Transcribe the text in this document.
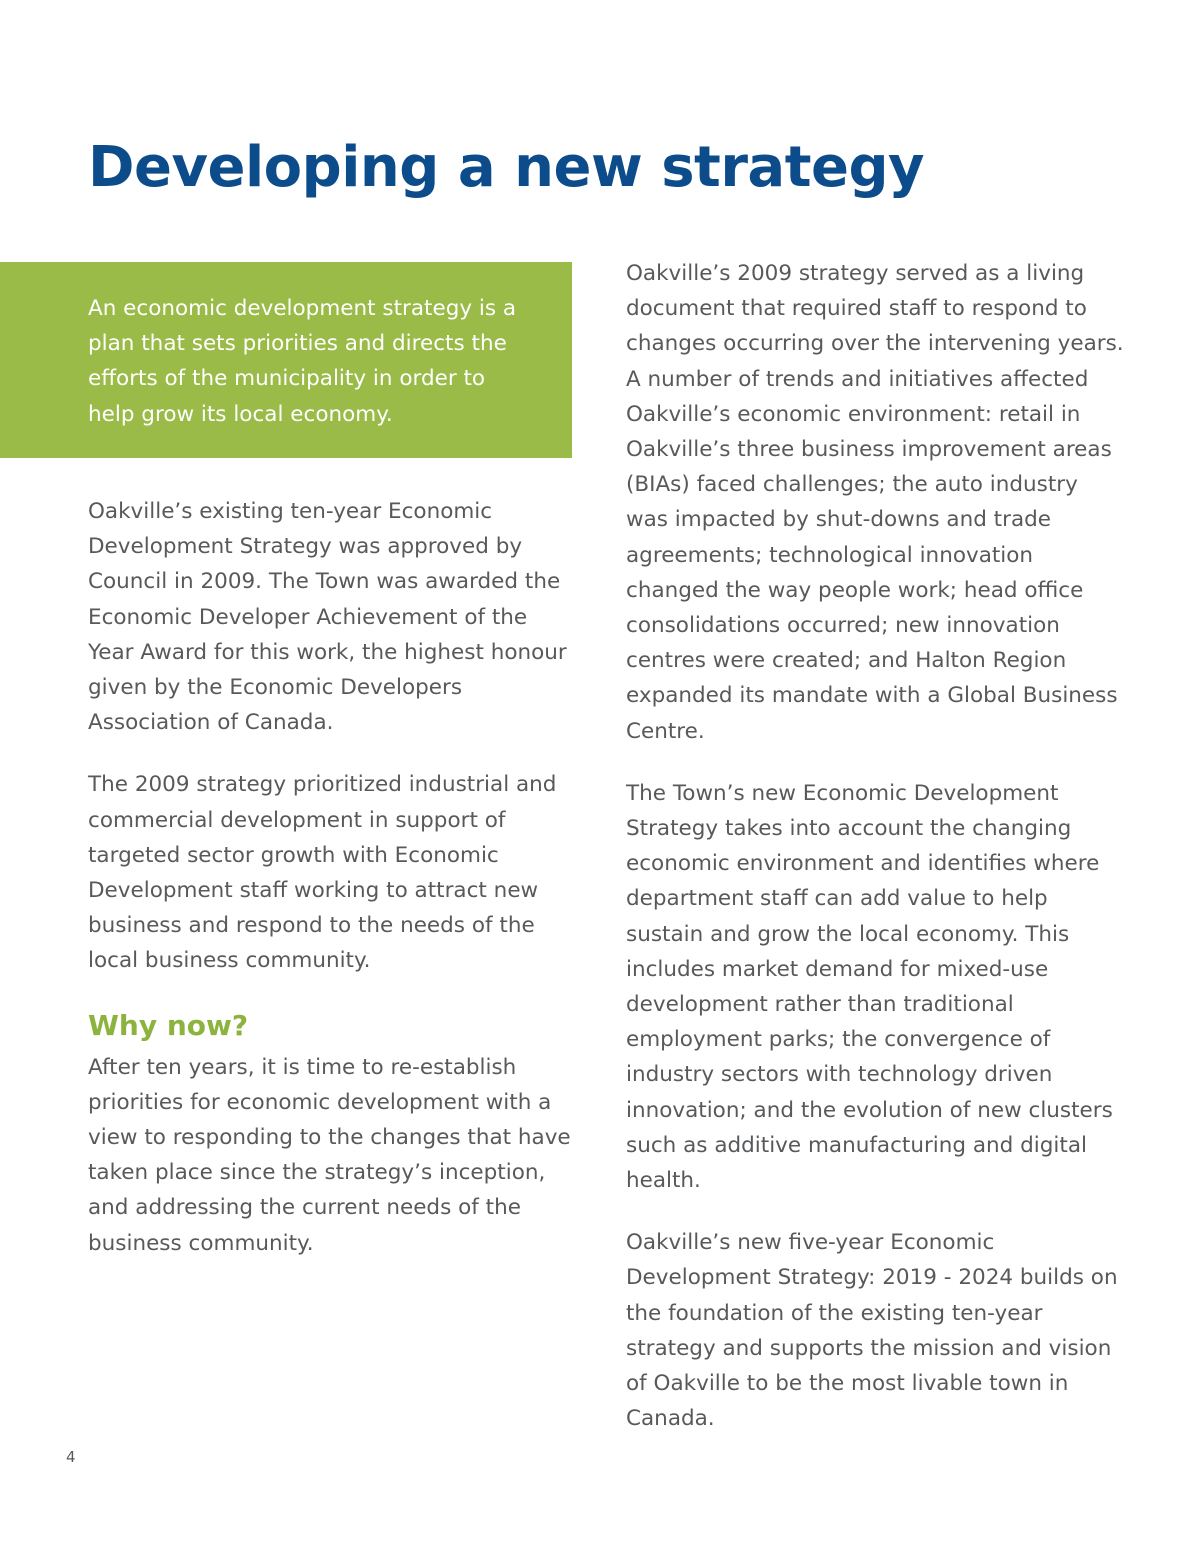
Developing a new strategy

An economic development strategy is a plan that sets priorities and directs the efforts of the municipality in order to help grow its local economy.

Oakville’s existing ten-year Economic Development Strategy was approved by Council in 2009. The Town was awarded the Economic Developer Achievement of the Year Award for this work, the highest honour given by the Economic Developers Association of Canada.

The 2009 strategy prioritized industrial and commercial development in support of targeted sector growth with Economic Development staff working to attract new business and respond to the needs of the local business community.

Why now?

After ten years, it is time to re-establish priorities for economic development with a view to responding to the changes that have taken place since the strategy’s inception, and addressing the current needs of the business community.

Oakville’s 2009 strategy served as a living document that required staff to respond to changes occurring over the intervening years. A number of trends and initiatives affected Oakville’s economic environment: retail in Oakville’s three business improvement areas (BIAs) faced challenges; the auto industry was impacted by shut-downs and trade agreements; technological innovation changed the way people work; head office consolidations occurred; new innovation centres were created; and Halton Region expanded its mandate with a Global Business Centre.

The Town’s new Economic Development Strategy takes into account the changing economic environment and identifies where department staff can add value to help sustain and grow the local economy. This includes market demand for mixed-use development rather than traditional employment parks; the convergence of industry sectors with technology driven innovation; and the evolution of new clusters such as additive manufacturing and digital health.

Oakville’s new five-year Economic Development Strategy: 2019 - 2024 builds on the foundation of the existing ten-year strategy and supports the mission and vision of Oakville to be the most livable town in Canada.

4
